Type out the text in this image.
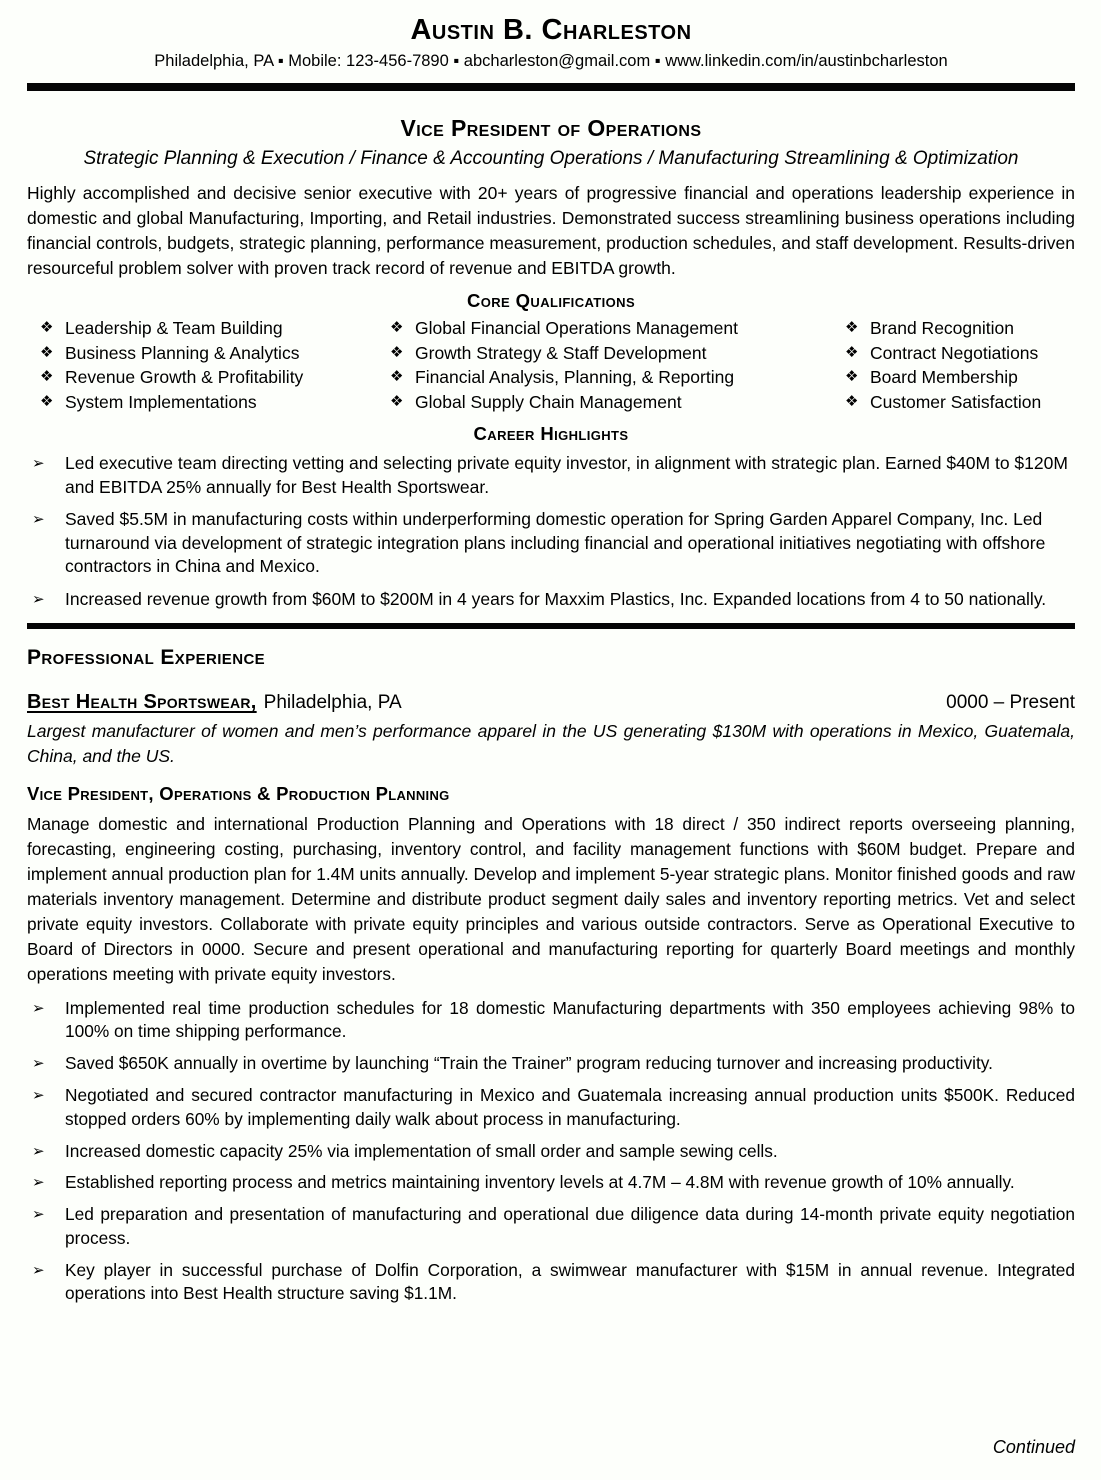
Austin B. Charleston
Philadelphia, PA ▪ Mobile: 123-456-7890 ▪ abcharleston@gmail.com ▪ www.linkedin.com/in/austinbcharleston
Vice President of Operations
Strategic Planning & Execution / Finance & Accounting Operations / Manufacturing Streamlining & Optimization

Highly accomplished and decisive senior executive with 20+ years of progressive financial and operations leadership experience in domestic and global Manufacturing, Importing, and Retail industries. Demonstrated success streamlining business operations including financial controls, budgets, strategic planning, performance measurement, production schedules, and staff development. Results-driven resourceful problem solver with proven track record of revenue and EBITDA growth.

Core Qualifications
❖ Leadership & Team Building
❖ Business Planning & Analytics
❖ Revenue Growth & Profitability
❖ System Implementations
❖ Global Financial Operations Management
❖ Growth Strategy & Staff Development
❖ Financial Analysis, Planning, & Reporting
❖ Global Supply Chain Management
❖ Brand Recognition
❖ Contract Negotiations
❖ Board Membership
❖ Customer Satisfaction
Career Highlights
➢	Led executive team directing vetting and selecting private equity investor, in alignment with strategic plan. Earned $40M to $120M and EBITDA 25% annually for Best Health Sportswear.
➢	Saved $5.5M in manufacturing costs within underperforming domestic operation for Spring Garden Apparel Company, Inc. Led turnaround via development of strategic integration plans including financial and operational initiatives negotiating with offshore contractors in China and Mexico.
➢	Increased revenue growth from $60M to $200M in 4 years for Maxxim Plastics, Inc. Expanded locations from 4 to 50 nationally.
Professional Experience
Best Health Sportswear, Philadelphia, PA	0000 – Present

Largest manufacturer of women and men’s performance apparel in the US generating $130M with operations in Mexico, Guatemala, China, and the US.

Vice President, Operations & Production Planning

Manage domestic and international Production Planning and Operations with 18 direct / 350 indirect reports overseeing planning, forecasting, engineering costing, purchasing, inventory control, and facility management functions with $60M budget. Prepare and implement annual production plan for 1.4M units annually. Develop and implement 5-year strategic plans. Monitor finished goods and raw materials inventory management. Determine and distribute product segment daily sales and inventory reporting metrics. Vet and select private equity investors. Collaborate with private equity principles and various outside contractors. Serve as Operational Executive to Board of Directors in 0000. Secure and present operational and manufacturing reporting for quarterly Board meetings and monthly operations meeting with private equity investors.

➢	Implemented real time production schedules for 18 domestic Manufacturing departments with 350 employees achieving 98% to 100% on time shipping performance.
➢	Saved $650K annually in overtime by launching “Train the Trainer” program reducing turnover and increasing productivity.
➢	Negotiated and secured contractor manufacturing in Mexico and Guatemala increasing annual production units $500K. Reduced stopped orders 60% by implementing daily walk about process in manufacturing.
➢	Increased domestic capacity 25% via implementation of small order and sample sewing cells.
➢	Established reporting process and metrics maintaining inventory levels at 4.7M – 4.8M with revenue growth of 10% annually.
➢	Led preparation and presentation of manufacturing and operational due diligence data during 14-month private equity negotiation process.
➢	Key player in successful purchase of Dolfin Corporation, a swimwear manufacturer with $15M in annual revenue. Integrated operations into Best Health structure saving $1.1M.
Continued
